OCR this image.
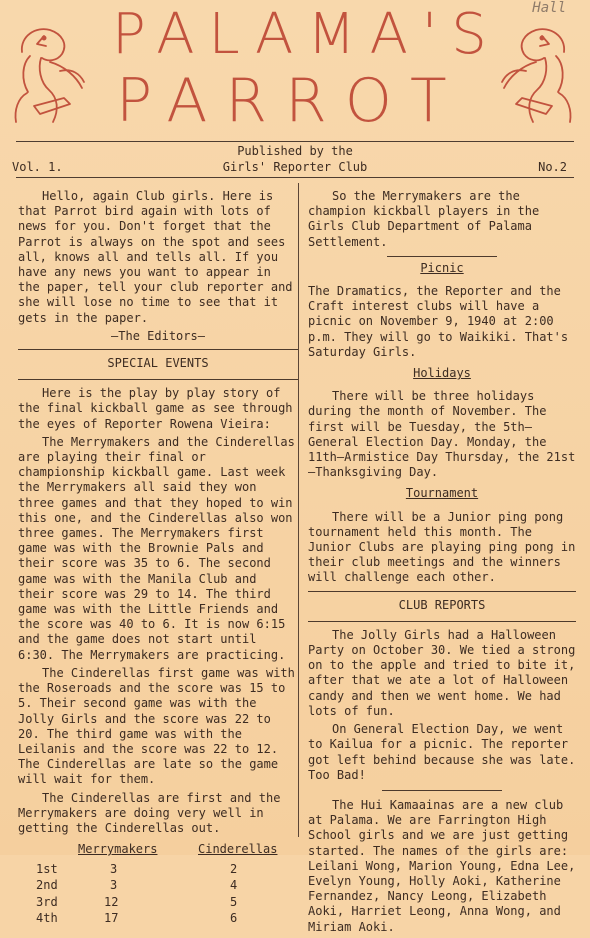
Hall
PALAMA'S
PARROT
Published by the
Vol. 1.	Girls' Reporter Club	No.2

Hello, again Club girls. Here is that Parrot bird again with lots of news for you. Don't forget that the Parrot is always on the spot and sees all, knows all and tells all. If you have any news you want to appear in the paper, tell your club reporter and she will lose no time to see that it gets in the paper.

—The Editors—
SPECIAL EVENTS

Here is the play by play story of the final kickball game as see through the eyes of Reporter Rowena Vieira:

The Merrymakers and the Cinderellas are playing their final or championship kickball game. Last week the Merrymakers all said they won three games and that they hoped to win this one, and the Cinderellas also won three games. The Merrymakers first game was with the Brownie Pals and their score was 35 to 6. The second game was with the Manila Club and their score was 29 to 14. The third game was with the Little Friends and the score was 40 to 6. It is now 6:15 and the game does not start until 6:30. The Merrymakers are practicing.

The Cinderellas first game was with the Roseroads and the score was 15 to 5. Their second game was with the Jolly Girls and the score was 22 to 20. The third game was with the Leilanis and the score was 22 to 12. The Cinderellas are late so the game will wait for them.

The Cinderellas are first and the Merrymakers are doing very well in getting the Cinderellas out.

	Merrymakers	Cinderellas
1st	3	2
2nd	3	4
3rd	12	5
4th	17	6

So the Merrymakers are the champion kickball players in the Girls Club Department of Palama Settlement.

Picnic

The Dramatics, the Reporter and the Craft interest clubs will have a picnic on November 9, 1940 at 2:00 p.m. They will go to Waikiki. That's Saturday Girls.

Holidays

There will be three holidays during the month of November. The first will be Tuesday, the 5th—General Election Day. Monday, the 11th—Armistice Day Thursday, the 21st—Thanksgiving Day.

Tournament

There will be a Junior ping pong tournament held this month. The Junior Clubs are playing ping pong in their club meetings and the winners will challenge each other.

CLUB REPORTS

The Jolly Girls had a Halloween Party on October 30. We tied a strong on to the apple and tried to bite it, after that we ate a lot of Halloween candy and then we went home. We had lots of fun.

On General Election Day, we went to Kailua for a picnic. The reporter got left behind because she was late. Too Bad!

The Hui Kamaainas are a new club at Palama. We are Farrington High School girls and we are just getting started. The names of the girls are: Leilani Wong, Marion Young, Edna Lee, Evelyn Young, Holly Aoki, Katherine Fernandez, Nancy Leong, Elizabeth Aoki, Harriet Leong, Anna Wong, and Miriam Aoki.
